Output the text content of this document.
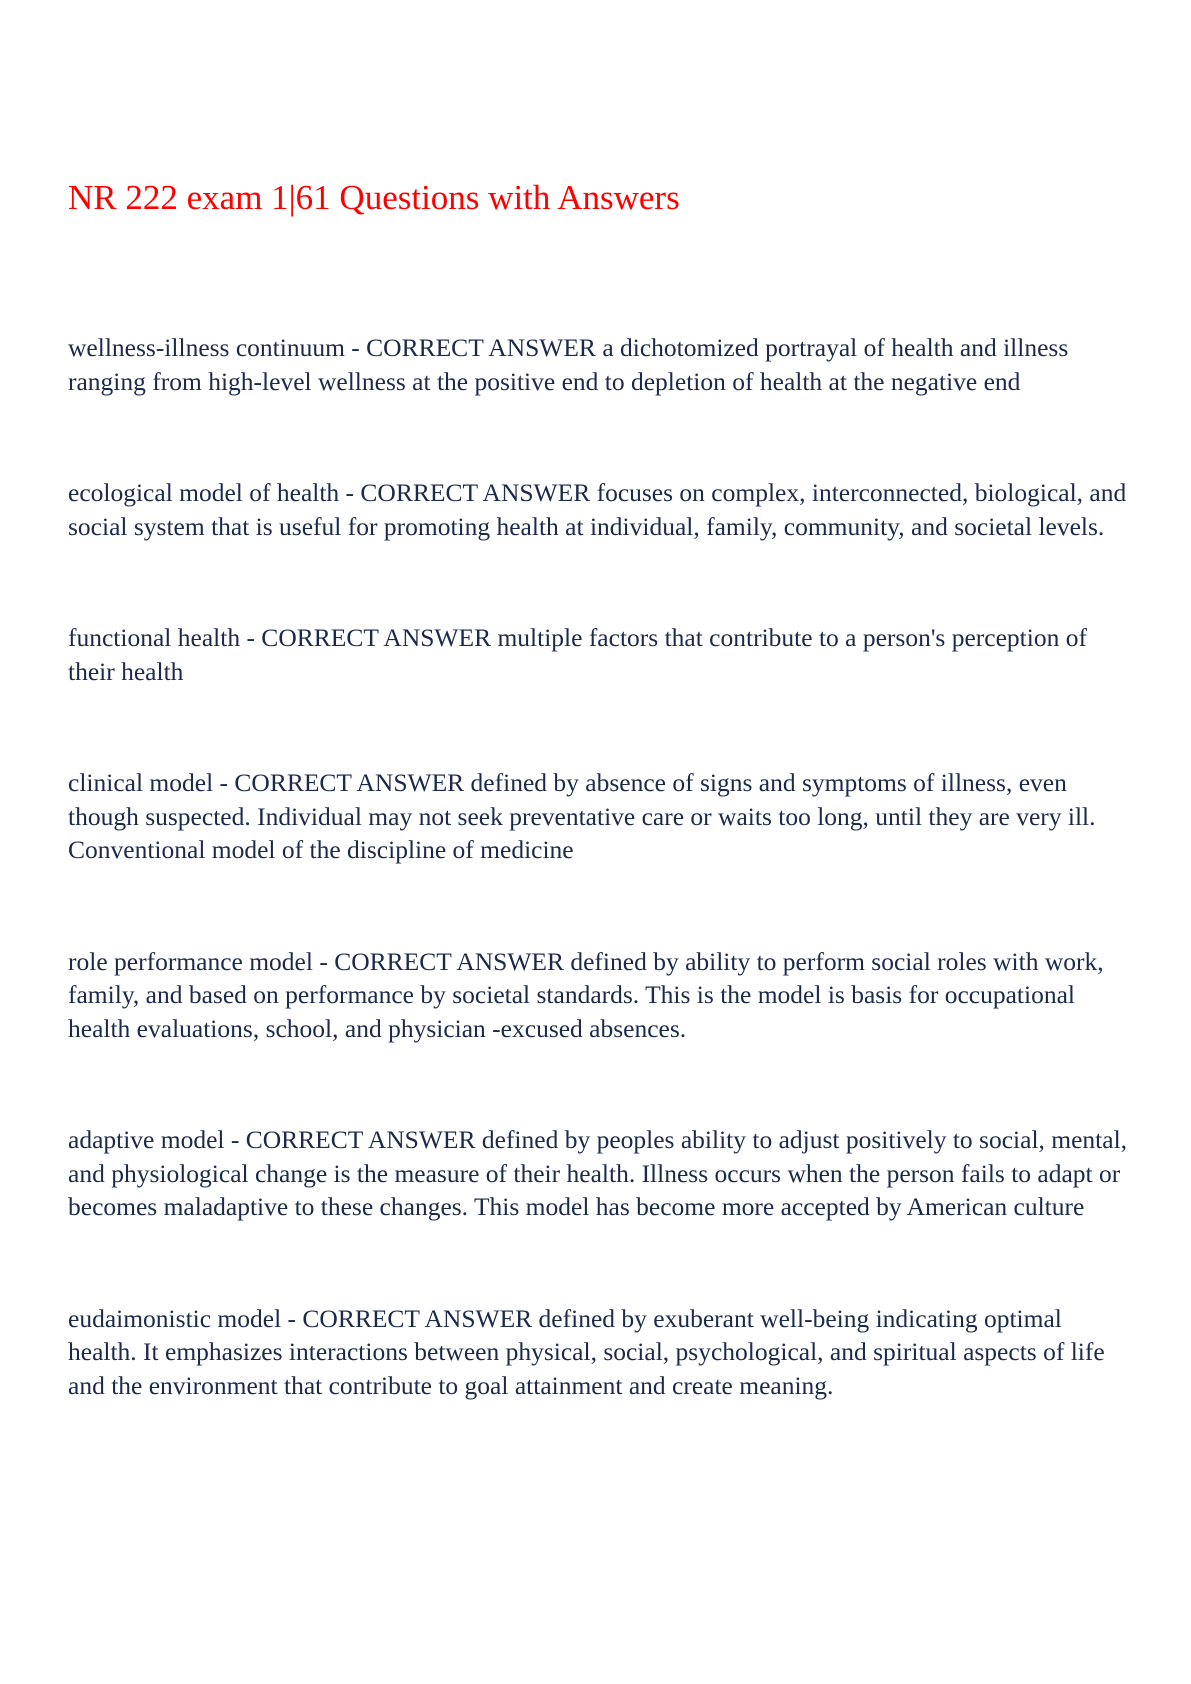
NR 222 exam 1|61 Questions with Answers

wellness-illness continuum - CORRECT ANSWER a dichotomized portrayal of health and illness ranging from high-level wellness at the positive end to depletion of health at the negative end

ecological model of health - CORRECT ANSWER focuses on complex, interconnected, biological, and social system that is useful for promoting health at individual, family, community, and societal levels.

functional health - CORRECT ANSWER multiple factors that contribute to a person's perception of their health

clinical model - CORRECT ANSWER defined by absence of signs and symptoms of illness, even though suspected. Individual may not seek preventative care or waits too long, until they are very ill. Conventional model of the discipline of medicine

role performance model - CORRECT ANSWER defined by ability to perform social roles with work, family, and based on performance by societal standards. This is the model is basis for occupational health evaluations, school, and physician -excused absences.

adaptive model - CORRECT ANSWER defined by peoples ability to adjust positively to social, mental, and physiological change is the measure of their health. Illness occurs when the person fails to adapt or becomes maladaptive to these changes. This model has become more accepted by American culture

eudaimonistic model - CORRECT ANSWER defined by exuberant well-being indicating optimal health. It emphasizes interactions between physical, social, psychological, and spiritual aspects of life and the environment that contribute to goal attainment and create meaning.
